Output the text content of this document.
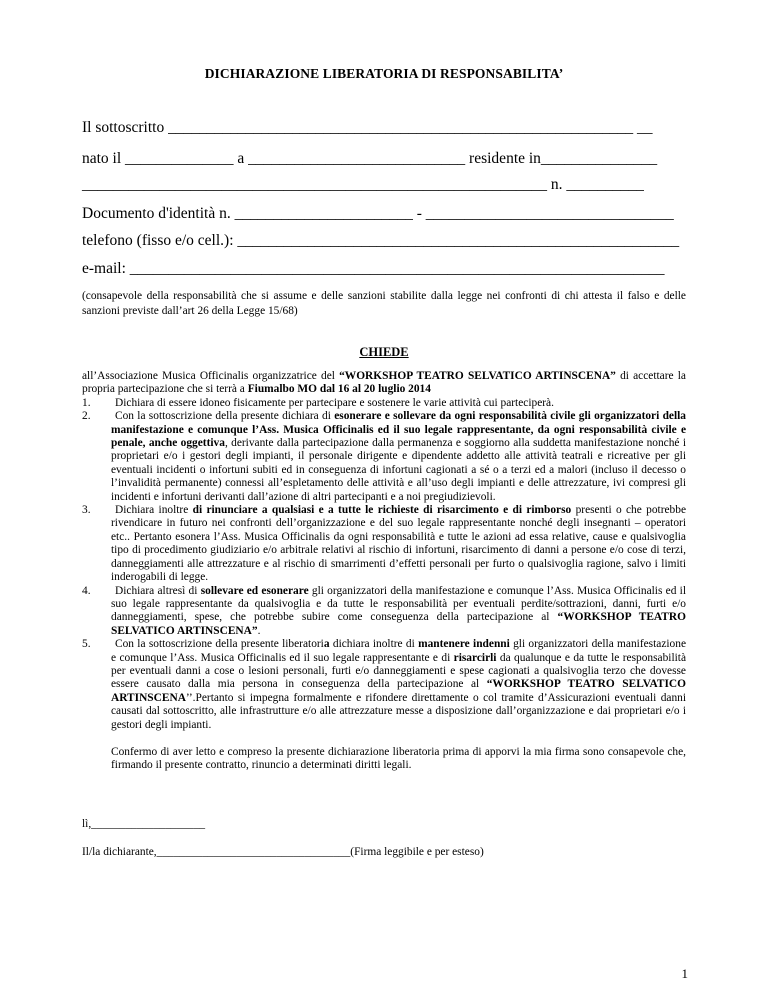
DICHIARAZIONE LIBERATORIA DI RESPONSABILITA’
Il sottoscritto ____________________________________________________________ __
nato il ______________ a ____________________________ residente in_______________
____________________________________________________________ n. __________
Documento d'identità n. _______________________ - ________________________________
telefono (fisso e/o cell.): _________________________________________________________
e-mail: _____________________________________________________________________
(consapevole della responsabilità che si assume e delle sanzioni stabilite dalla legge nei confronti di chi attesta il falso e delle sanzioni previste dall’art 26 della Legge 15/68)
CHIEDE

all’Associazione Musica Officinalis organizzatrice del “WORKSHOP TEATRO SELVATICO ARTINSCENA” di accettare la propria partecipazione che si terrà a Fiumalbo MO dal 16 al 20 luglio 2014

1. Dichiara di essere idoneo fisicamente per partecipare e sostenere le varie attività cui parteciperà.

2. Con la sottoscrizione della presente dichiara di esonerare e sollevare da ogni responsabilità civile gli organizzatori della manifestazione e comunque l’Ass. Musica Officinalis ed il suo legale rappresentante, da ogni responsabilità civile e penale, anche oggettiva, derivante dalla partecipazione dalla permanenza e soggiorno alla suddetta manifestazione nonché i proprietari e/o i gestori degli impianti, il personale dirigente e dipendente addetto alle attività teatrali e ricreative per gli eventuali incidenti o infortuni subiti ed in conseguenza di infortuni cagionati a sé o a terzi ed a malori (incluso il decesso o l’invalidità permanente) connessi all’espletamento delle attività e all’uso degli impianti e delle attrezzature, ivi compresi gli incidenti e infortuni derivanti dall’azione di altri partecipanti e a noi pregiudizievoli.

3. Dichiara inoltre di rinunciare a qualsiasi e a tutte le richieste di risarcimento e di rimborso presenti o che potrebbe rivendicare in futuro nei confronti dell’organizzazione e del suo legale rappresentante nonché degli insegnanti – operatori etc.. Pertanto esonera l’Ass. Musica Officinalis da ogni responsabilità e tutte le azioni ad essa relative, cause e qualsivoglia tipo di procedimento giudiziario e/o arbitrale relativi al rischio di infortuni, risarcimento di danni a persone e/o cose di terzi, danneggiamenti alle attrezzature e al rischio di smarrimenti d’effetti personali per furto o qualsivoglia ragione, salvo i limiti inderogabili di legge.

4. Dichiara altresì di sollevare ed esonerare gli organizzatori della manifestazione e comunque l’Ass. Musica Officinalis ed il suo legale rappresentante da qualsivoglia e da tutte le responsabilità per eventuali perdite/sottrazioni, danni, furti e/o danneggiamenti, spese, che potrebbe subire come conseguenza della partecipazione al “WORKSHOP TEATRO SELVATICO ARTINSCENA”.

5. Con la sottoscrizione della presente liberatoria dichiara inoltre di mantenere indenni gli organizzatori della manifestazione e comunque l’Ass. Musica Officinalis ed il suo legale rappresentante e di risarcirli da qualunque e da tutte le responsabilità per eventuali danni a cose o lesioni personali, furti e/o danneggiamenti e spese cagionati a qualsivoglia terzo che dovesse essere causato dalla mia persona in conseguenza della partecipazione al “WORKSHOP TEATRO SELVATICO ARTINSCENA’’.Pertanto si impegna formalmente e rifondere direttamente o col tramite d’Assicurazioni eventuali danni causati dal sottoscritto, alle infrastrutture e/o alle attrezzature messe a disposizione dall’organizzazione e dai proprietari e/o i gestori degli impianti.

Confermo di aver letto e compreso la presente dichiarazione liberatoria prima di apporvi la mia firma sono consapevole che, firmando il presente contratto, rinuncio a determinati diritti legali.

lì,____________________
Il/la dichiarante,__________________________________(Firma leggibile e per esteso)
1
